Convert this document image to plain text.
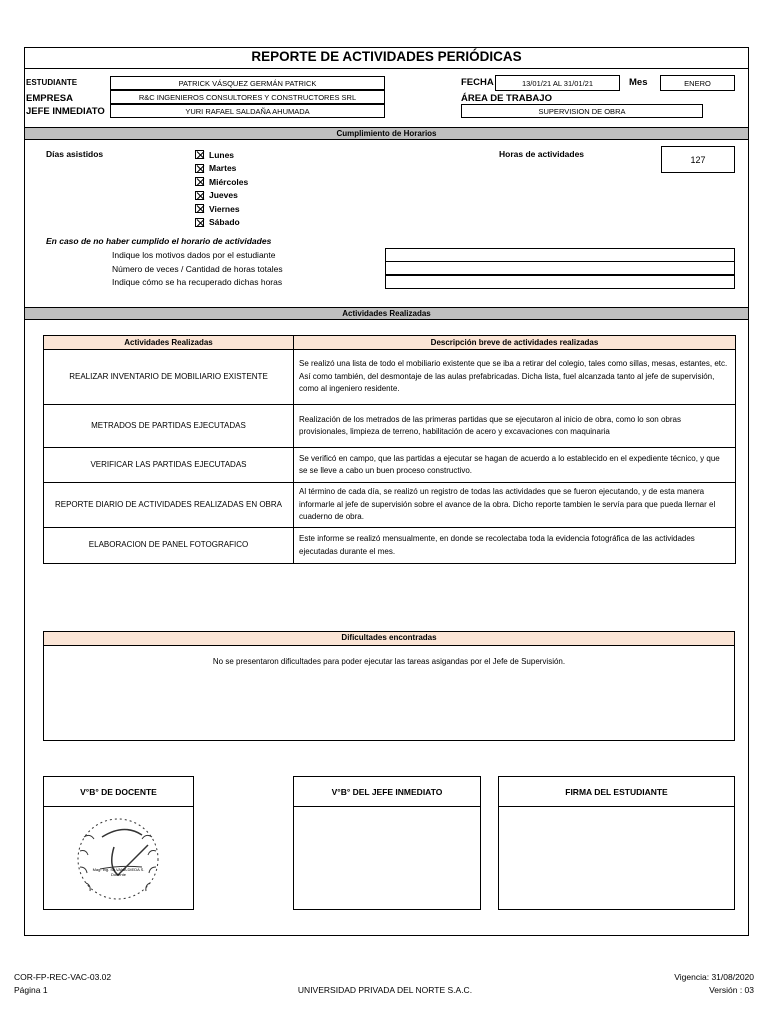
REPORTE DE ACTIVIDADES PERIÓDICAS
ESTUDIANTE	PATRICK VÁSQUEZ GERMÁN PATRICK
EMPRESA	R&C INGENIEROS CONSULTORES Y CONSTRUCTORES SRL
JEFE INMEDIATO	YURI RAFAEL SALDAÑA AHUMADA
FECHA	13/01/21 AL 31/01/21	Mes	ENERO
ÁREA DE TRABAJO
SUPERVISION DE OBRA
Cumplimiento de Horarios
Días asistidos	Lunes
Martes
Miércoles
Jueves
Viernes
Sábado
Horas de actividades
127
En caso de no haber cumplido el horario de actividades
Indique los motivos dados por el estudiante
Número de veces / Cantidad de horas totales
Indique cómo se ha recuperado dichas horas
Actividades Realizadas
Actividades Realizadas	Descripción breve de actividades realizadas
REALIZAR INVENTARIO DE MOBILIARIO EXISTENTE	Se realizó una lista de todo el mobiliario existente que se iba a retirar del colegio, tales como sillas, mesas, estantes, etc. Así como también, del desmontaje de las aulas prefabricadas. Dicha lista, fuel alcanzada tanto al jefe de supervisión, como al ingeniero residente.
METRADOS DE PARTIDAS EJECUTADAS	Realización de los metrados de las primeras partidas que se ejecutaron al inicio de obra, como lo son obras provisionales, limpieza de terreno, habilitación de acero y excavaciones con maquinaria
VERIFICAR LAS PARTIDAS EJECUTADAS	Se verificó en campo, que las partidas a ejecutar se hagan de acuerdo a lo establecido en el expediente técnico, y que se se lleve a cabo un buen proceso constructivo.
REPORTE DIARIO DE ACTIVIDADES REALIZADAS EN OBRA	Al término de cada día, se realizó un registro de todas las actividades que se fueron ejecutando, y de esta manera informarle al jefe de supervisión sobre el avance de la obra. Dicho reporte tambien le servía para que pueda llernar el cuaderno de obra.
ELABORACION DE PANEL FOTOGRAFICO	Este informe se realizó mensualmente, en donde se recolectaba toda la evidencia fotográfica de las actividades ejecutadas durante el mes.
Dificultades encontradas
No se presentaron dificultades para poder ejecutar las tareas asigandas por el Jefe de Supervisión.
V°B° DE DOCENTE
Mag. Ing. SILVANA DIEDA S.
Docente
V°B° DEL JEFE INMEDIATO	FIRMA DEL ESTUDIANTE
COR-FP-REC-VAC-03.02
Página 1	UNIVERSIDAD PRIVADA DEL NORTE S.A.C.
Vigencia: 31/08/2020
Versión : 03
